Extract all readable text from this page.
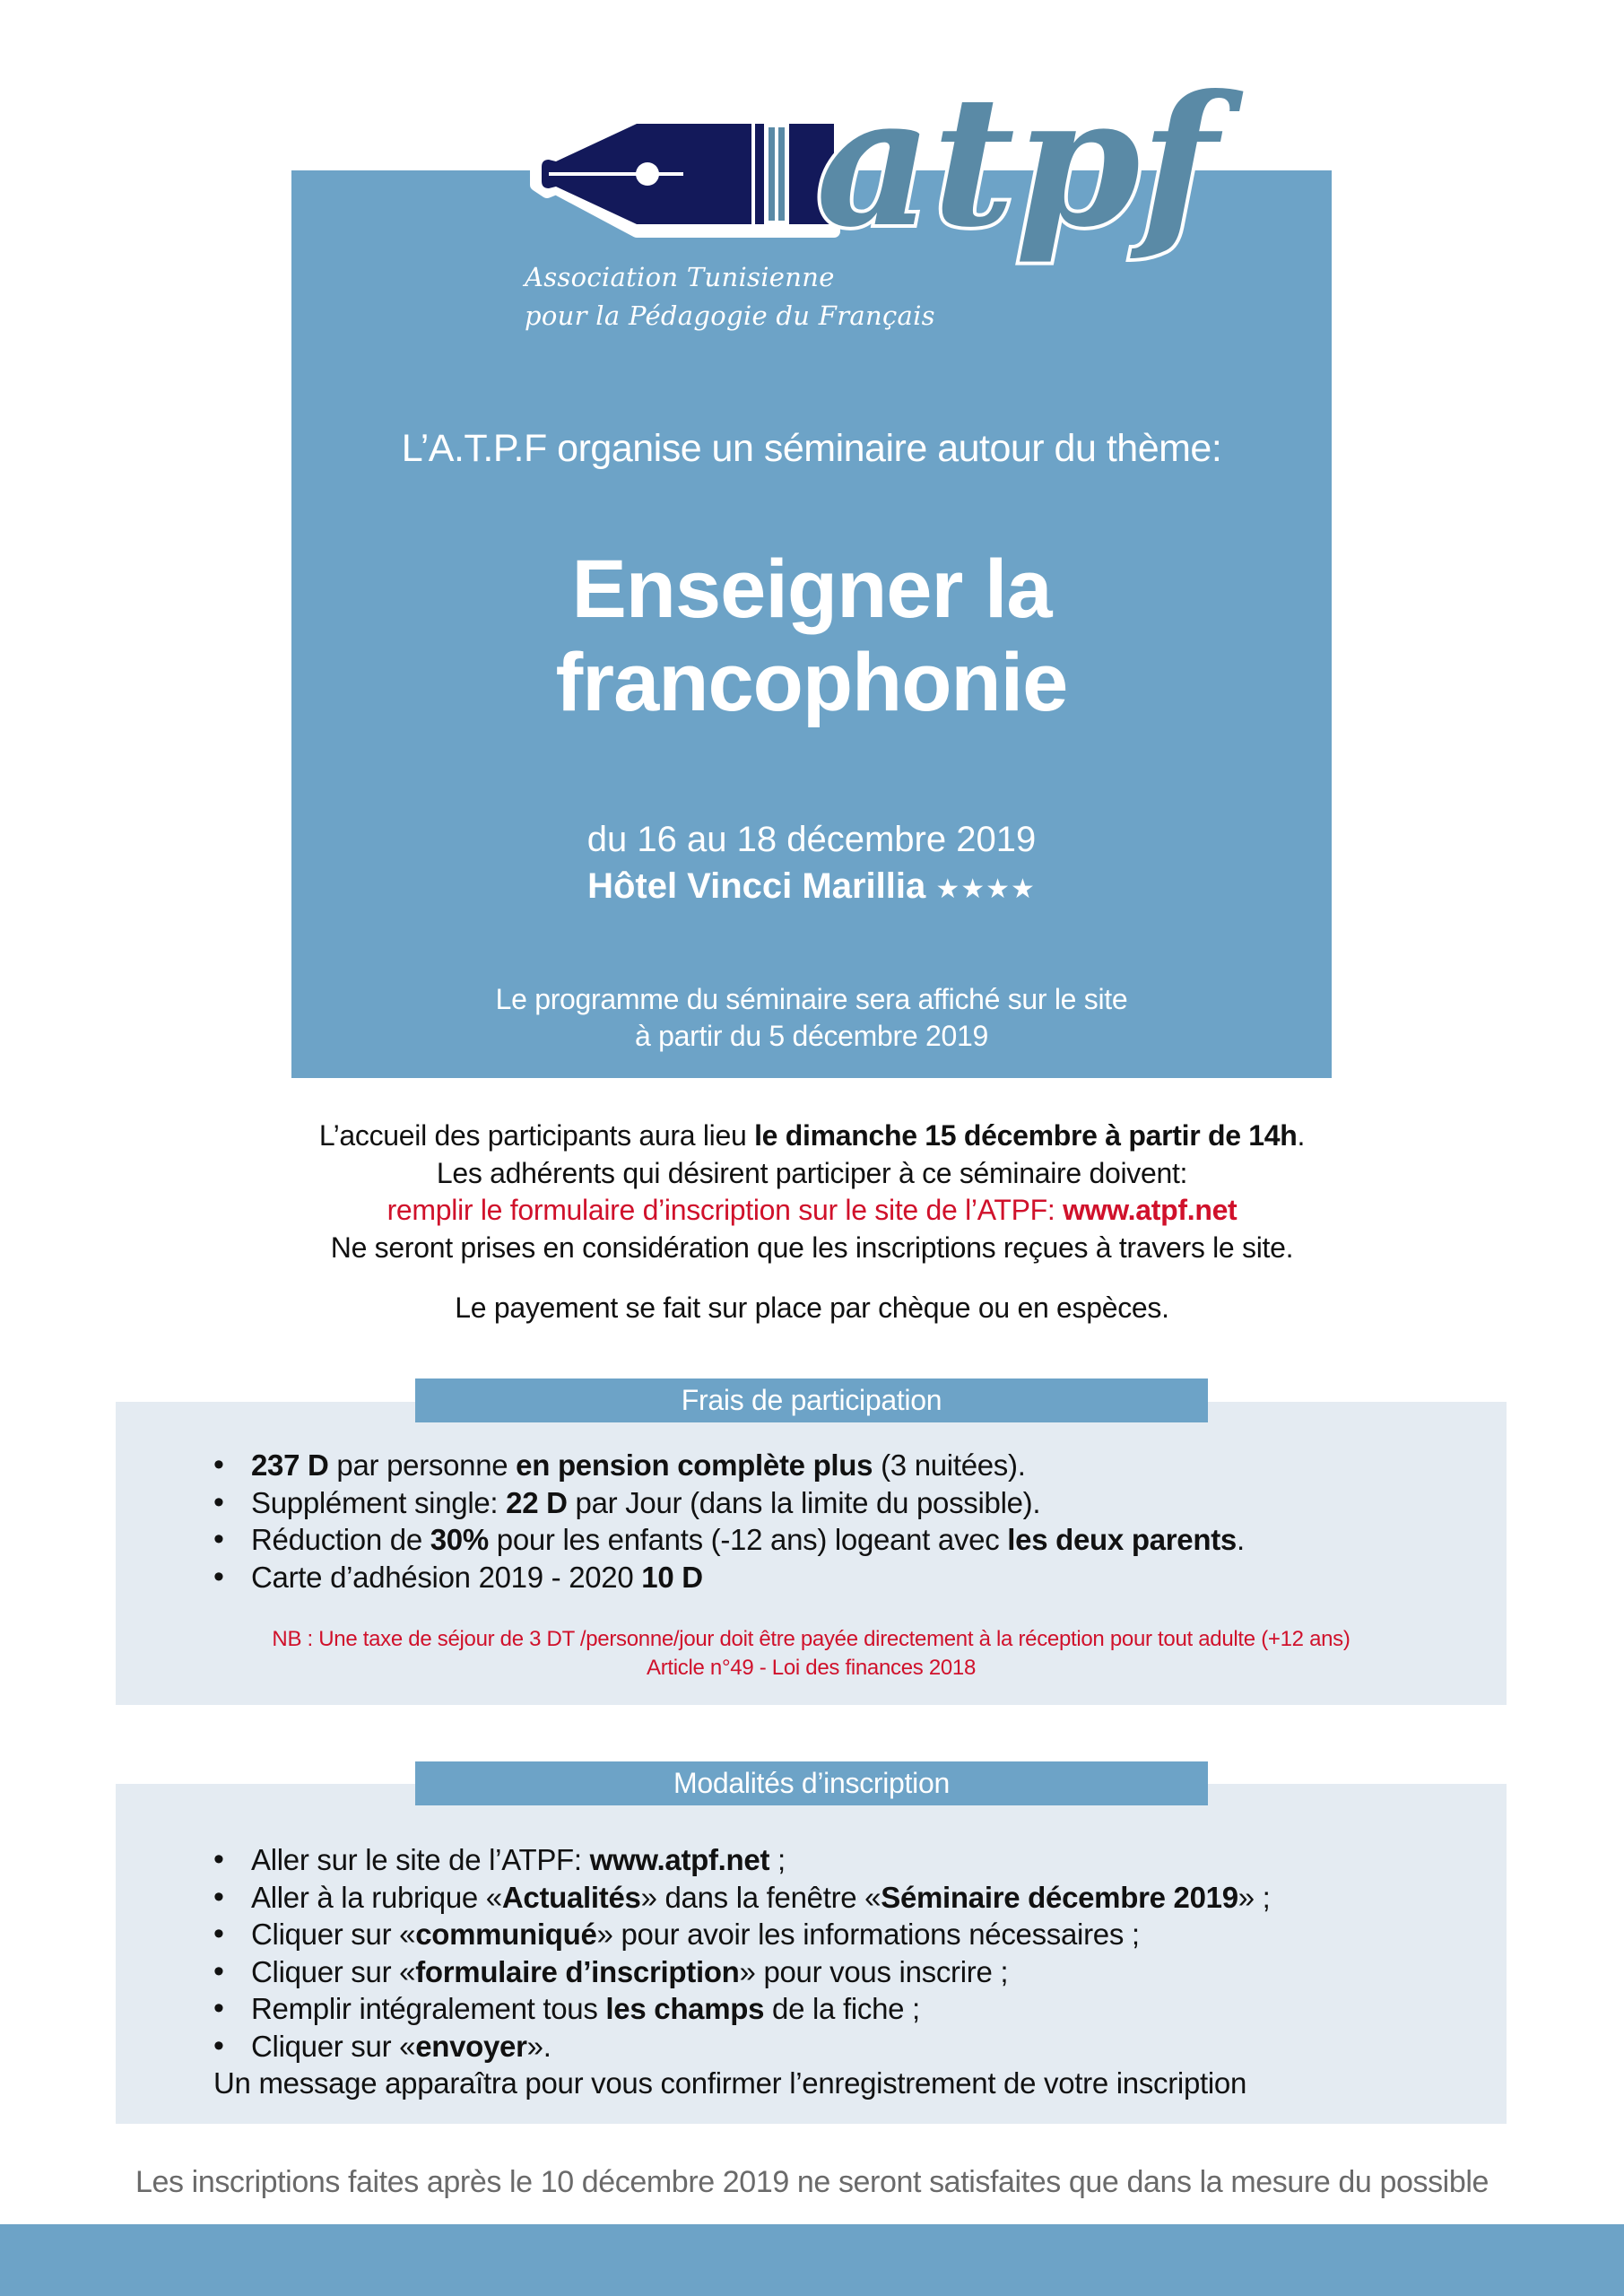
atpf
Association Tunisienne
pour la Pédagogie du Français
L’A.T.P.F organise un séminaire autour du thème:
Enseigner la
francophonie
du 16 au 18 décembre 2019
Hôtel Vincci Marillia ★★★★
Le programme du séminaire sera affiché sur le site
à partir du 5 décembre 2019
L’accueil des participants aura lieu le dimanche 15 décembre à partir de 14h.
Les adhérents qui désirent participer à ce séminaire doivent:
remplir le formulaire d’inscription sur le site de l’ATPF: www.atpf.net
Ne seront prises en considération que les inscriptions reçues à travers le site.
Le payement se fait sur place par chèque ou en espèces.
Frais de participation
• 237 D par personne en pension complète plus (3 nuitées).
• Supplément single: 22 D par Jour (dans la limite du possible).
• Réduction de 30% pour les enfants (-12 ans) logeant avec les deux parents.
• Carte d’adhésion 2019 - 2020 10 D
NB : Une taxe de séjour de 3 DT /personne/jour doit être payée directement à la réception pour tout adulte (+12 ans)
Article n°49 - Loi des finances 2018
Modalités d’inscription
• Aller sur le site de l’ATPF: www.atpf.net ;
• Aller à la rubrique «Actualités» dans la fenêtre «Séminaire décembre 2019» ;
• Cliquer sur «communiqué» pour avoir les informations nécessaires ;
• Cliquer sur «formulaire d’inscription» pour vous inscrire ;
• Remplir intégralement tous les champs de la fiche ;
• Cliquer sur «envoyer».
Un message apparaîtra pour vous confirmer l’enregistrement de votre inscription
Les inscriptions faites après le 10 décembre 2019 ne seront satisfaites que dans la mesure du possible
